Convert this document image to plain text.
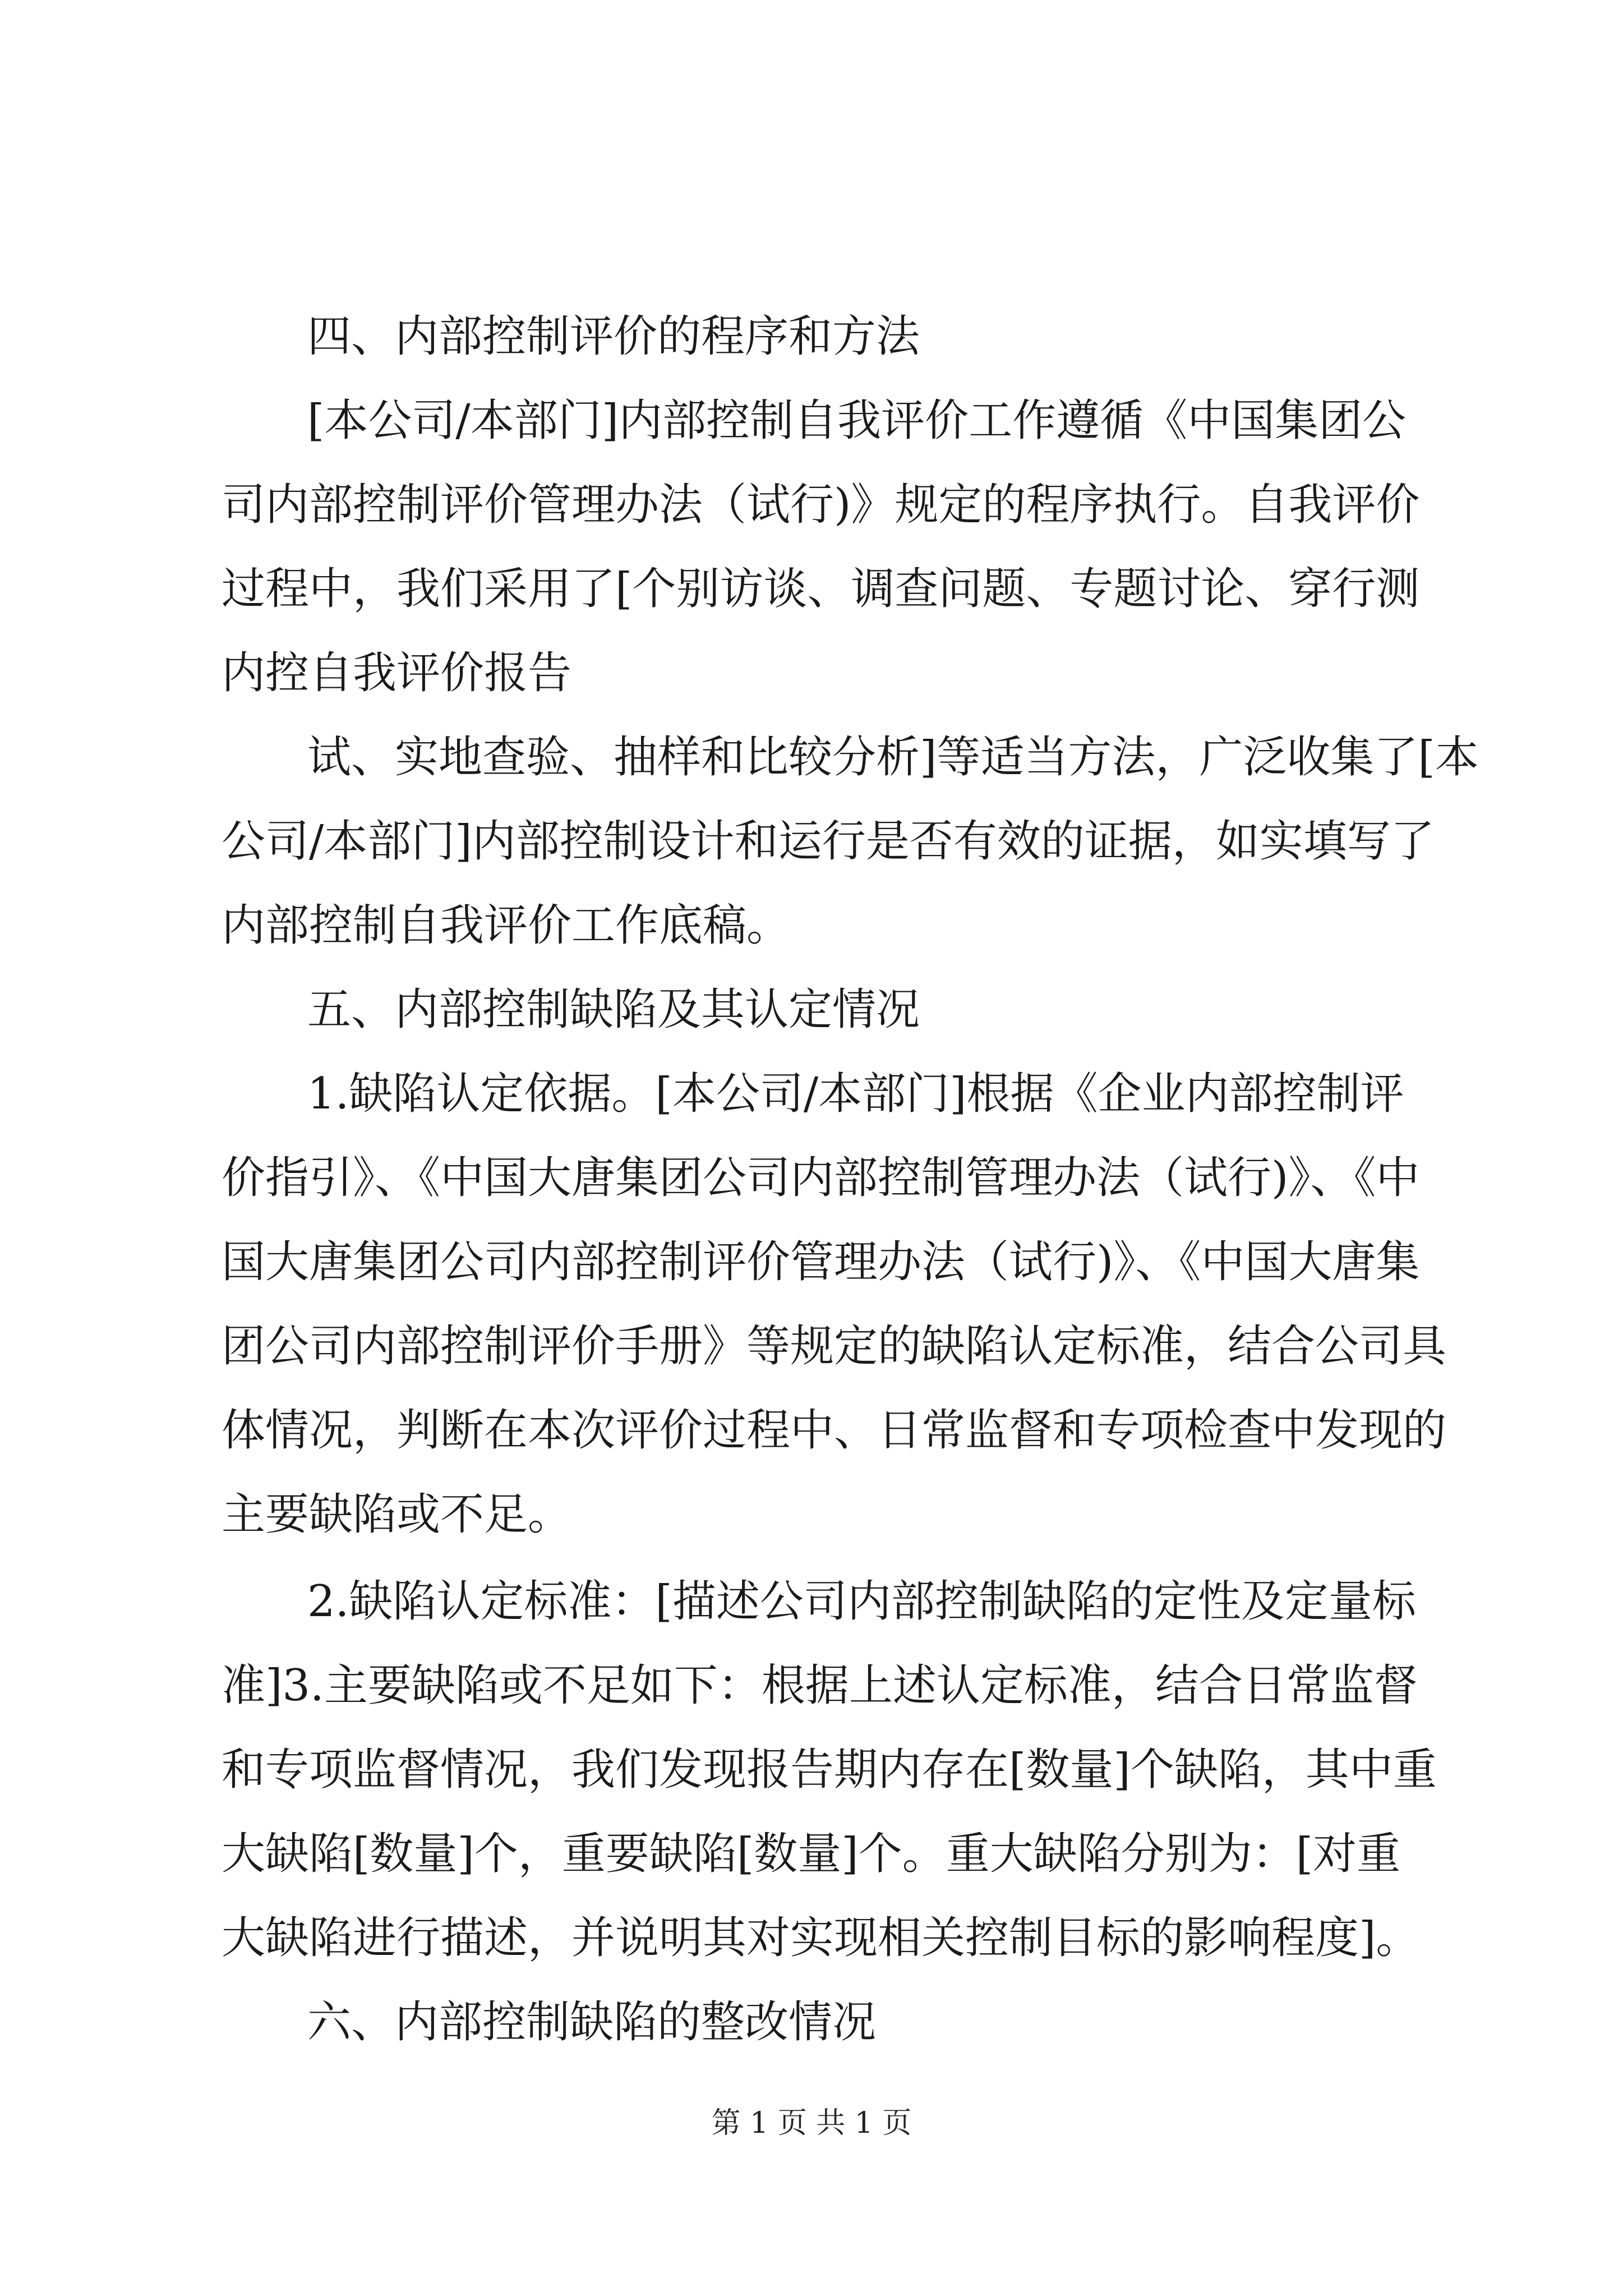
四、内部控制评价的程序和方法
[本公司/本部门]内部控制自我评价工作遵循《中国集团公
司内部控制评价管理办法（试行)》规定的程序执行。自我评价
过程中，我们采用了[个别访谈、调查问题、专题讨论、穿行测
内控自我评价报告
试、实地查验、抽样和比较分析]等适当方法，广泛收集了[本
公司/本部门]内部控制设计和运行是否有效的证据，如实填写了
内部控制自我评价工作底稿。
五、内部控制缺陷及其认定情况
1.缺陷认定依据。[本公司/本部门]根据《企业内部控制评
价指引》、《中国大唐集团公司内部控制管理办法（试行)》、《中
国大唐集团公司内部控制评价管理办法（试行)》、《中国大唐集
团公司内部控制评价手册》等规定的缺陷认定标准，结合公司具
体情况，判断在本次评价过程中、日常监督和专项检查中发现的
主要缺陷或不足。
2.缺陷认定标准：[描述公司内部控制缺陷的定性及定量标
准]3.主要缺陷或不足如下：根据上述认定标准，结合日常监督
和专项监督情况，我们发现报告期内存在[数量]个缺陷，其中重
大缺陷[数量]个，重要缺陷[数量]个。重大缺陷分别为：[对重
大缺陷进行描述，并说明其对实现相关控制目标的影响程度]。
六、内部控制缺陷的整改情况
第 1 页 共 1 页
